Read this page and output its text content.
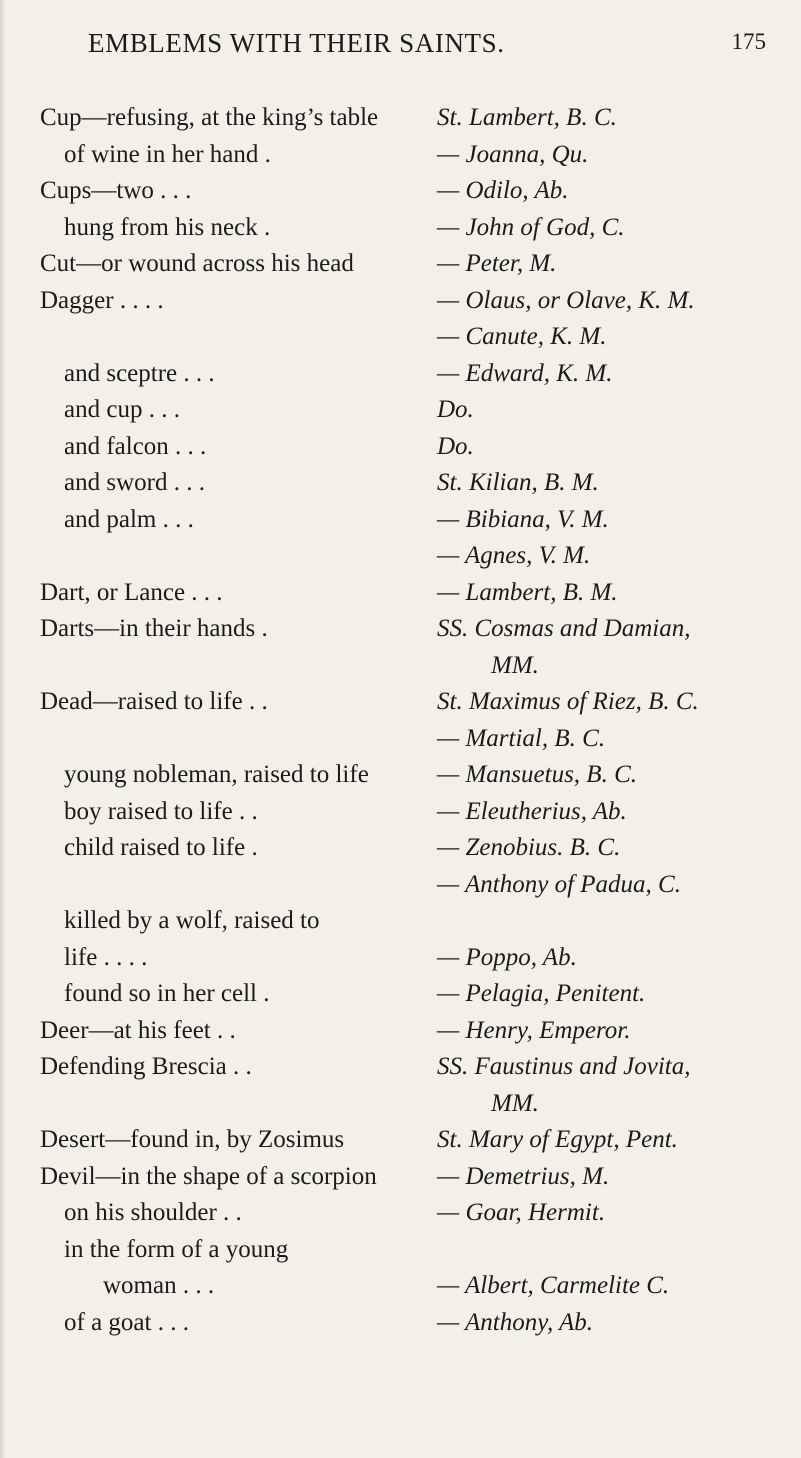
EMBLEMS WITH THEIR SAINTS.	175
Cup—refusing, at the king’s table St. Lambert, B. C.
of wine in her hand .	— Joanna, Qu.
Cups—two . . .	— Odilo, Ab.
hung from his neck .	— John of God, C.
Cut—or wound across his head	— Peter, M.
Dagger . . . .	— Olaus, or Olave, K. M.
— Canute, K. M.
and sceptre . . .	— Edward, K. M.
and cup . . .	Do.
and falcon . . .	Do.
and sword . . .	St. Kilian, B. M.
and palm . . .	— Bibiana, V. M.
— Agnes, V. M.
Dart, or Lance . . .	— Lambert, B. M.
Darts—in their hands .	SS. Cosmas and Damian,
MM.
Dead—raised to life . .	St. Maximus of Riez, B. C.
— Martial, B. C.
young nobleman, raised to life	— Mansuetus, B. C.
boy raised to life . .	— Eleutherius, Ab.
child raised to life .	— Zenobius. B. C.
— Anthony of Padua, C.
killed by a wolf, raised to
life . . . .	— Poppo, Ab.
found so in her cell .	— Pelagia, Penitent.
Deer—at his feet . .	— Henry, Emperor.
Defending Brescia . .	SS. Faustinus and Jovita,
MM.
Desert—found in, by Zosimus	St. Mary of Egypt, Pent.
Devil—in the shape of a scorpion — Demetrius, M.
on his shoulder . .	— Goar, Hermit.
in the form of a young
woman . . .	— Albert, Carmelite C.
of a goat . . .	— Anthony, Ab.
